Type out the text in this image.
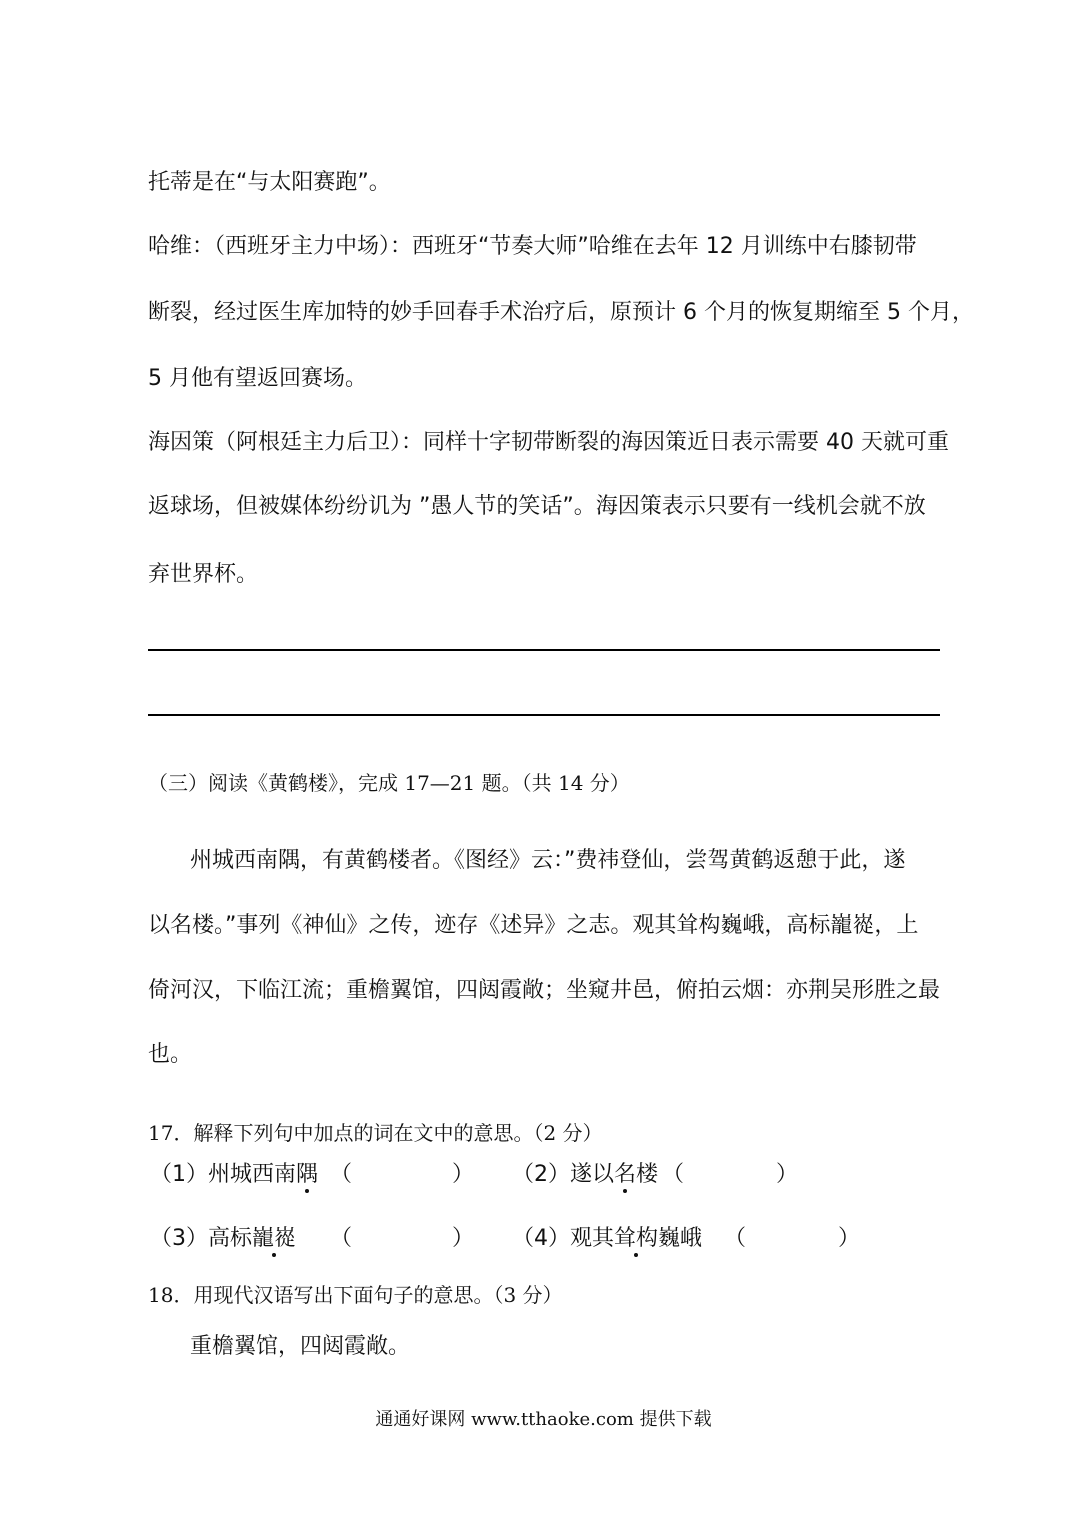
托蒂是在“与太阳赛跑”。
哈维：（西班牙主力中场）：西班牙“节奏大师”哈维在去年 12 月训练中右膝韧带
断裂，经过医生库加特的妙手回春手术治疗后，原预计 6 个月的恢复期缩至 5 个月，
5 月他有望返回赛场。
海因策（阿根廷主力后卫）：同样十字韧带断裂的海因策近日表示需要 40 天就可重
返球场，但被媒体纷纷讥为 ”愚人节的笑话”。海因策表示只要有一线机会就不放
弃世界杯。
（三）阅读《黄鹤楼》，完成 17—21 题。（共 14 分）
州城西南隅，有黄鹤楼者。《图经》云：”费祎登仙，尝驾黄鹤返憩于此，遂
以名楼。”事列《神仙》之传，迹存《述异》之志。观其耸构巍峨，高标巃嵸，上
倚河汉，下临江流；重檐翼馆，四闼霞敞；坐窥井邑，俯拍云烟：亦荆吴形胜之最
也。
17．解释下列句中加点的词在文中的意思。（2 分）
（1）州城西南隅 （	） （2）遂以名楼 （	）
（3）高标巃嵸 （	） （4）观其耸构巍峨 （	）
18．用现代汉语写出下面句子的意思。（3 分）
重檐翼馆，四闼霞敞。
通通好课网 www.tthaoke.com 提供下载
